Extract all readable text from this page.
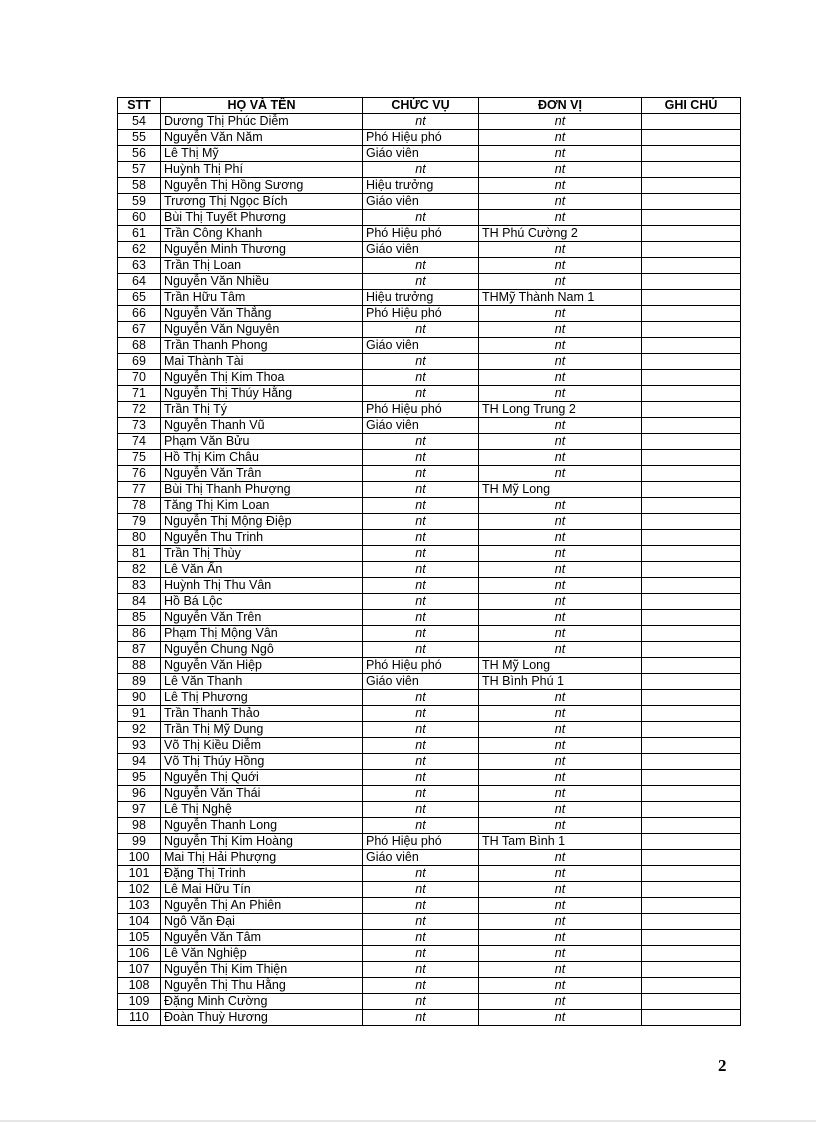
STT	HỌ VÀ TÊN	CHỨC VỤ	ĐƠN VỊ	GHI CHÚ
54	Dương Thị Phúc Diễm	nt	nt	
55	Nguyễn Văn Năm	Phó Hiệu phó	nt	
56	Lê Thị Mỹ	Giáo viên	nt	
57	Huỳnh Thị Phí	nt	nt	
58	Nguyễn Thị Hồng Sương	Hiệu trưởng	nt	
59	Trương Thị Ngọc Bích	Giáo viên	nt	
60	Bùi Thị Tuyết Phương	nt	nt	
61	Trần Công Khanh	Phó Hiệu phó	TH Phú Cường 2	
62	Nguyễn Minh Thương	Giáo viên	nt	
63	Trần Thị Loan	nt	nt	
64	Nguyễn Văn Nhiều	nt	nt	
65	Trần Hữu Tâm	Hiệu trưởng	THMỹ Thành Nam 1	
66	Nguyễn Văn Thắng	Phó Hiệu phó	nt	
67	Nguyễn Văn Nguyên	nt	nt	
68	Trần Thanh Phong	Giáo viên	nt	
69	Mai Thành Tài	nt	nt	
70	Nguyễn Thị Kim Thoa	nt	nt	
71	Nguyễn Thị Thúy Hằng	nt	nt	
72	Trần Thị Tý	Phó Hiệu phó	TH Long Trung 2	
73	Nguyễn Thanh Vũ	Giáo viên	nt	
74	Phạm Văn Bửu	nt	nt	
75	Hồ Thị Kim Châu	nt	nt	
76	Nguyễn Văn Trân	nt	nt	
77	Bùi Thị Thanh Phượng	nt	TH Mỹ Long	
78	Tăng Thị Kim Loan	nt	nt	
79	Nguyễn Thị Mộng Điệp	nt	nt	
80	Nguyễn Thu Trinh	nt	nt	
81	Trần Thị Thùy	nt	nt	
82	Lê Văn Ẩn	nt	nt	
83	Huỳnh Thị Thu Vân	nt	nt	
84	Hồ Bá Lộc	nt	nt	
85	Nguyễn Văn Trên	nt	nt	
86	Phạm Thị Mộng Vân	nt	nt	
87	Nguyễn Chung Ngô	nt	nt	
88	Nguyễn Văn Hiệp	Phó Hiệu phó	TH Mỹ Long	
89	Lê Văn Thanh	Giáo viên	TH Bình Phú 1	
90	Lê Thị Phương	nt	nt	
91	Trần Thanh Thảo	nt	nt	
92	Trần Thị Mỹ Dung	nt	nt	
93	Võ Thị Kiều Diễm	nt	nt	
94	Võ Thị Thúy Hồng	nt	nt	
95	Nguyễn Thị Quới	nt	nt	
96	Nguyễn Văn Thái	nt	nt	
97	Lê Thị Nghệ	nt	nt	
98	Nguyễn Thanh Long	nt	nt	
99	Nguyễn Thị Kim Hoàng	Phó Hiệu phó	TH Tam Bình 1	
100	Mai Thị Hải Phượng	Giáo viên	nt	
101	Đặng Thị Trinh	nt	nt	
102	Lê Mai Hữu Tín	nt	nt	
103	Nguyễn Thị An Phiên	nt	nt	
104	Ngô Văn Đại	nt	nt	
105	Nguyễn Văn Tâm	nt	nt	
106	Lê Văn Nghiệp	nt	nt	
107	Nguyễn Thị Kim Thiện	nt	nt	
108	Nguyễn Thị Thu Hằng	nt	nt	
109	Đặng Minh Cường	nt	nt	
110	Đoàn Thuỳ Hương	nt	nt	
2
